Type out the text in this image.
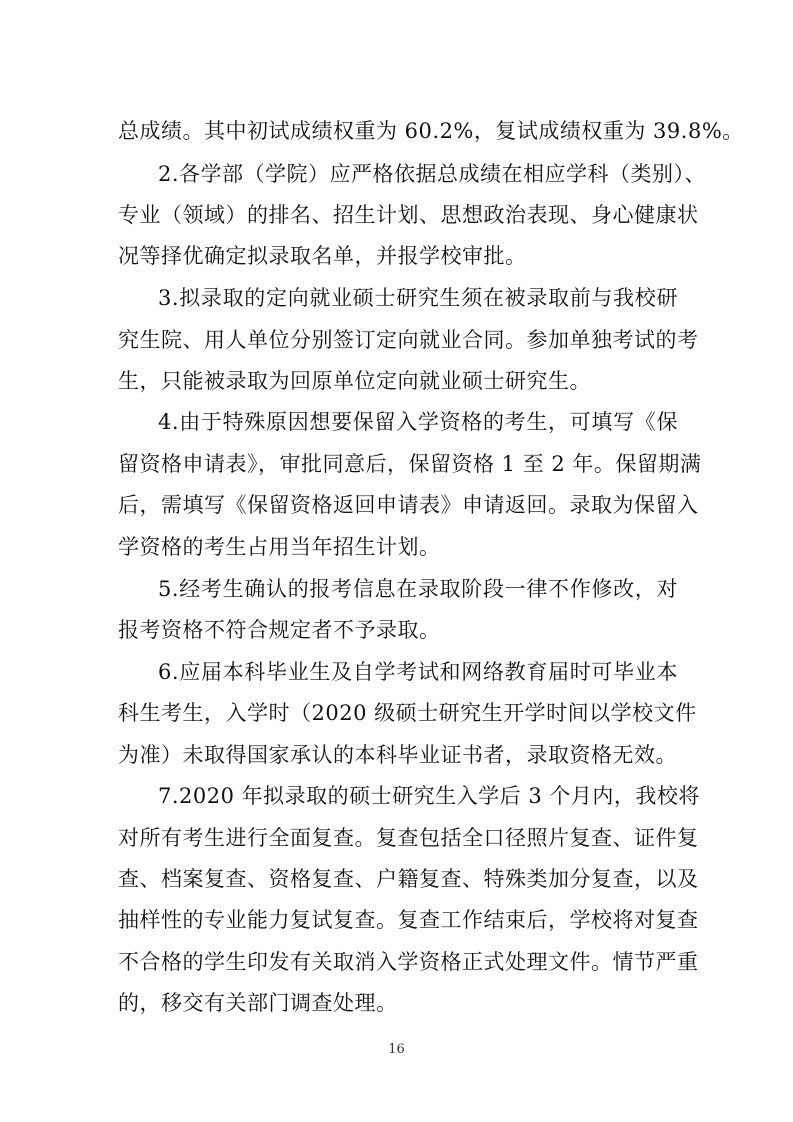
总成绩。其中初试成绩权重为 60.2%，复试成绩权重为 39.8%。

2.各学部（学院）应严格依据总成绩在相应学科（类别）、

专业（领域）的排名、招生计划、思想政治表现、身心健康状

况等择优确定拟录取名单，并报学校审批。

3.拟录取的定向就业硕士研究生须在被录取前与我校研

究生院、用人单位分别签订定向就业合同。参加单独考试的考

生，只能被录取为回原单位定向就业硕士研究生。

4.由于特殊原因想要保留入学资格的考生，可填写《保

留资格申请表》，审批同意后，保留资格 1 至 2 年。保留期满

后，需填写《保留资格返回申请表》申请返回。录取为保留入

学资格的考生占用当年招生计划。

5.经考生确认的报考信息在录取阶段一律不作修改，对

报考资格不符合规定者不予录取。

6.应届本科毕业生及自学考试和网络教育届时可毕业本

科生考生，入学时（2020 级硕士研究生开学时间以学校文件

为准）未取得国家承认的本科毕业证书者，录取资格无效。

7.2020 年拟录取的硕士研究生入学后 3 个月内，我校将

对所有考生进行全面复查。复查包括全口径照片复查、证件复

查、档案复查、资格复查、户籍复查、特殊类加分复查，以及

抽样性的专业能力复试复查。复查工作结束后，学校将对复查

不合格的学生印发有关取消入学资格正式处理文件。情节严重

的，移交有关部门调查处理。

16
